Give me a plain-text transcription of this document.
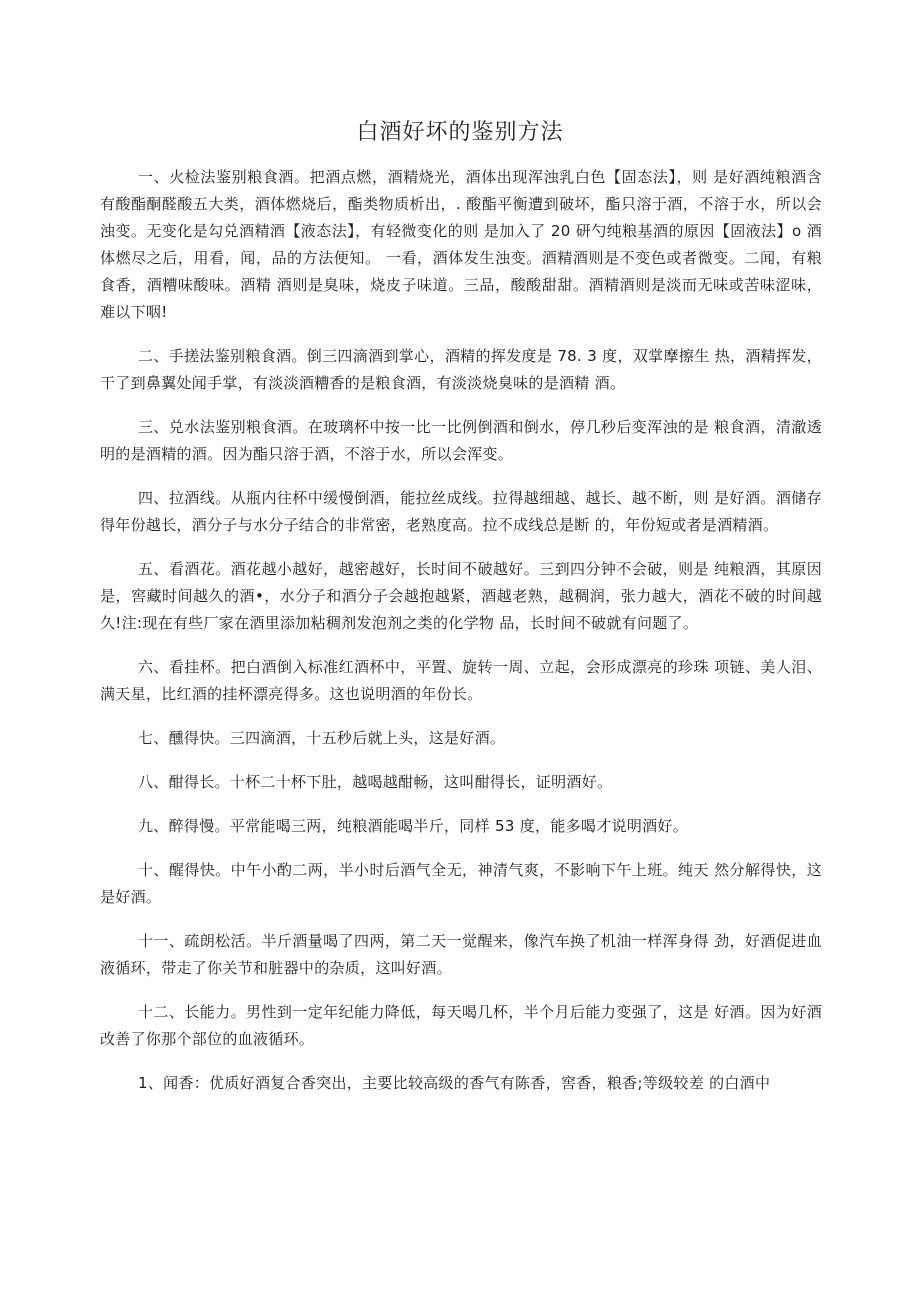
白酒好坏的鉴别方法

一、火检法鉴别粮食酒。把酒点燃，酒精烧光，酒体出现浑浊乳白色【固态法】，则 是好酒纯粮酒含有酸酯酮醛酸五大类，酒体燃烧后，酯类物质析出，. 酸酯平衡遭到破坏，酯只溶于酒，不溶于水，所以会浊变。无变化是勾兑酒精酒【液态法】，有轻微变化的则 是加入了 20 研勺纯粮基酒的原因【固液法】o 酒体燃尽之后，用看，闻，品的方法便知。 一看，酒体发生浊变。酒精酒则是不变色或者微变。二闻，有粮食香，酒糟味酸味。酒精 酒则是臭味，烧皮子味道。三品，酸酸甜甜。酒精酒则是淡而无味或苦味涩味，难以下咽!

二、手搓法鉴别粮食酒。倒三四滴酒到掌心，酒精的挥发度是 78. 3 度，双掌摩擦生 热，酒精挥发，干了到鼻翼处闻手掌，有淡淡酒糟香的是粮食酒，有淡淡烧臭味的是酒精 酒。

三、兑水法鉴别粮食酒。在玻璃杯中按一比一比例倒酒和倒水，停几秒后变浑浊的是 粮食酒，清澈透明的是酒精的酒。因为酯只溶于酒，不溶于水，所以会浑变。

四、拉酒线。从瓶内往杯中缓慢倒酒，能拉丝成线。拉得越细越、越长、越不断，则 是好酒。酒储存得年份越长，酒分子与水分子结合的非常密，老熟度高。拉不成线总是断 的，年份短或者是酒精酒。

五、看酒花。酒花越小越好，越密越好，长时间不破越好。三到四分钟不会破，则是 纯粮酒，其原因是，窖藏时间越久的酒•，水分子和酒分子会越抱越紧，酒越老熟，越稠润，张力越大，酒花不破的时间越久!注:现在有些厂家在酒里添加粘稠剂发泡剂之类的化学物 品，长时间不破就有问题了。

六、看挂杯。把白酒倒入标准红酒杯中，平置、旋转一周、立起，会形成漂亮的珍珠 项链、美人泪、满天星，比红酒的挂杯漂亮得多。这也说明酒的年份长。

七、醺得快。三四滴酒，十五秒后就上头，这是好酒。

八、酣得长。十杯二十杯下肚，越喝越酣畅，这叫酣得长，证明酒好。

九、醉得慢。平常能喝三两，纯粮酒能喝半斤，同样 53 度，能多喝才说明酒好。

十、醒得快。中午小酌二两，半小时后酒气全无，神清气爽，不影响下午上班。纯天 然分解得快，这是好酒。

十一、疏朗松活。半斤酒量喝了四两，第二天一觉醒来，像汽车换了机油一样浑身得 劲，好酒促进血液循环，带走了你关节和脏器中的杂质，这叫好酒。

十二、长能力。男性到一定年纪能力降低，每天喝几杯，半个月后能力变强了，这是 好酒。因为好酒改善了你那个部位的血液循环。

1、闻香：优质好酒复合香突出，主要比较高级的香气有陈香，窖香，粮香;等级较差 的白酒中
